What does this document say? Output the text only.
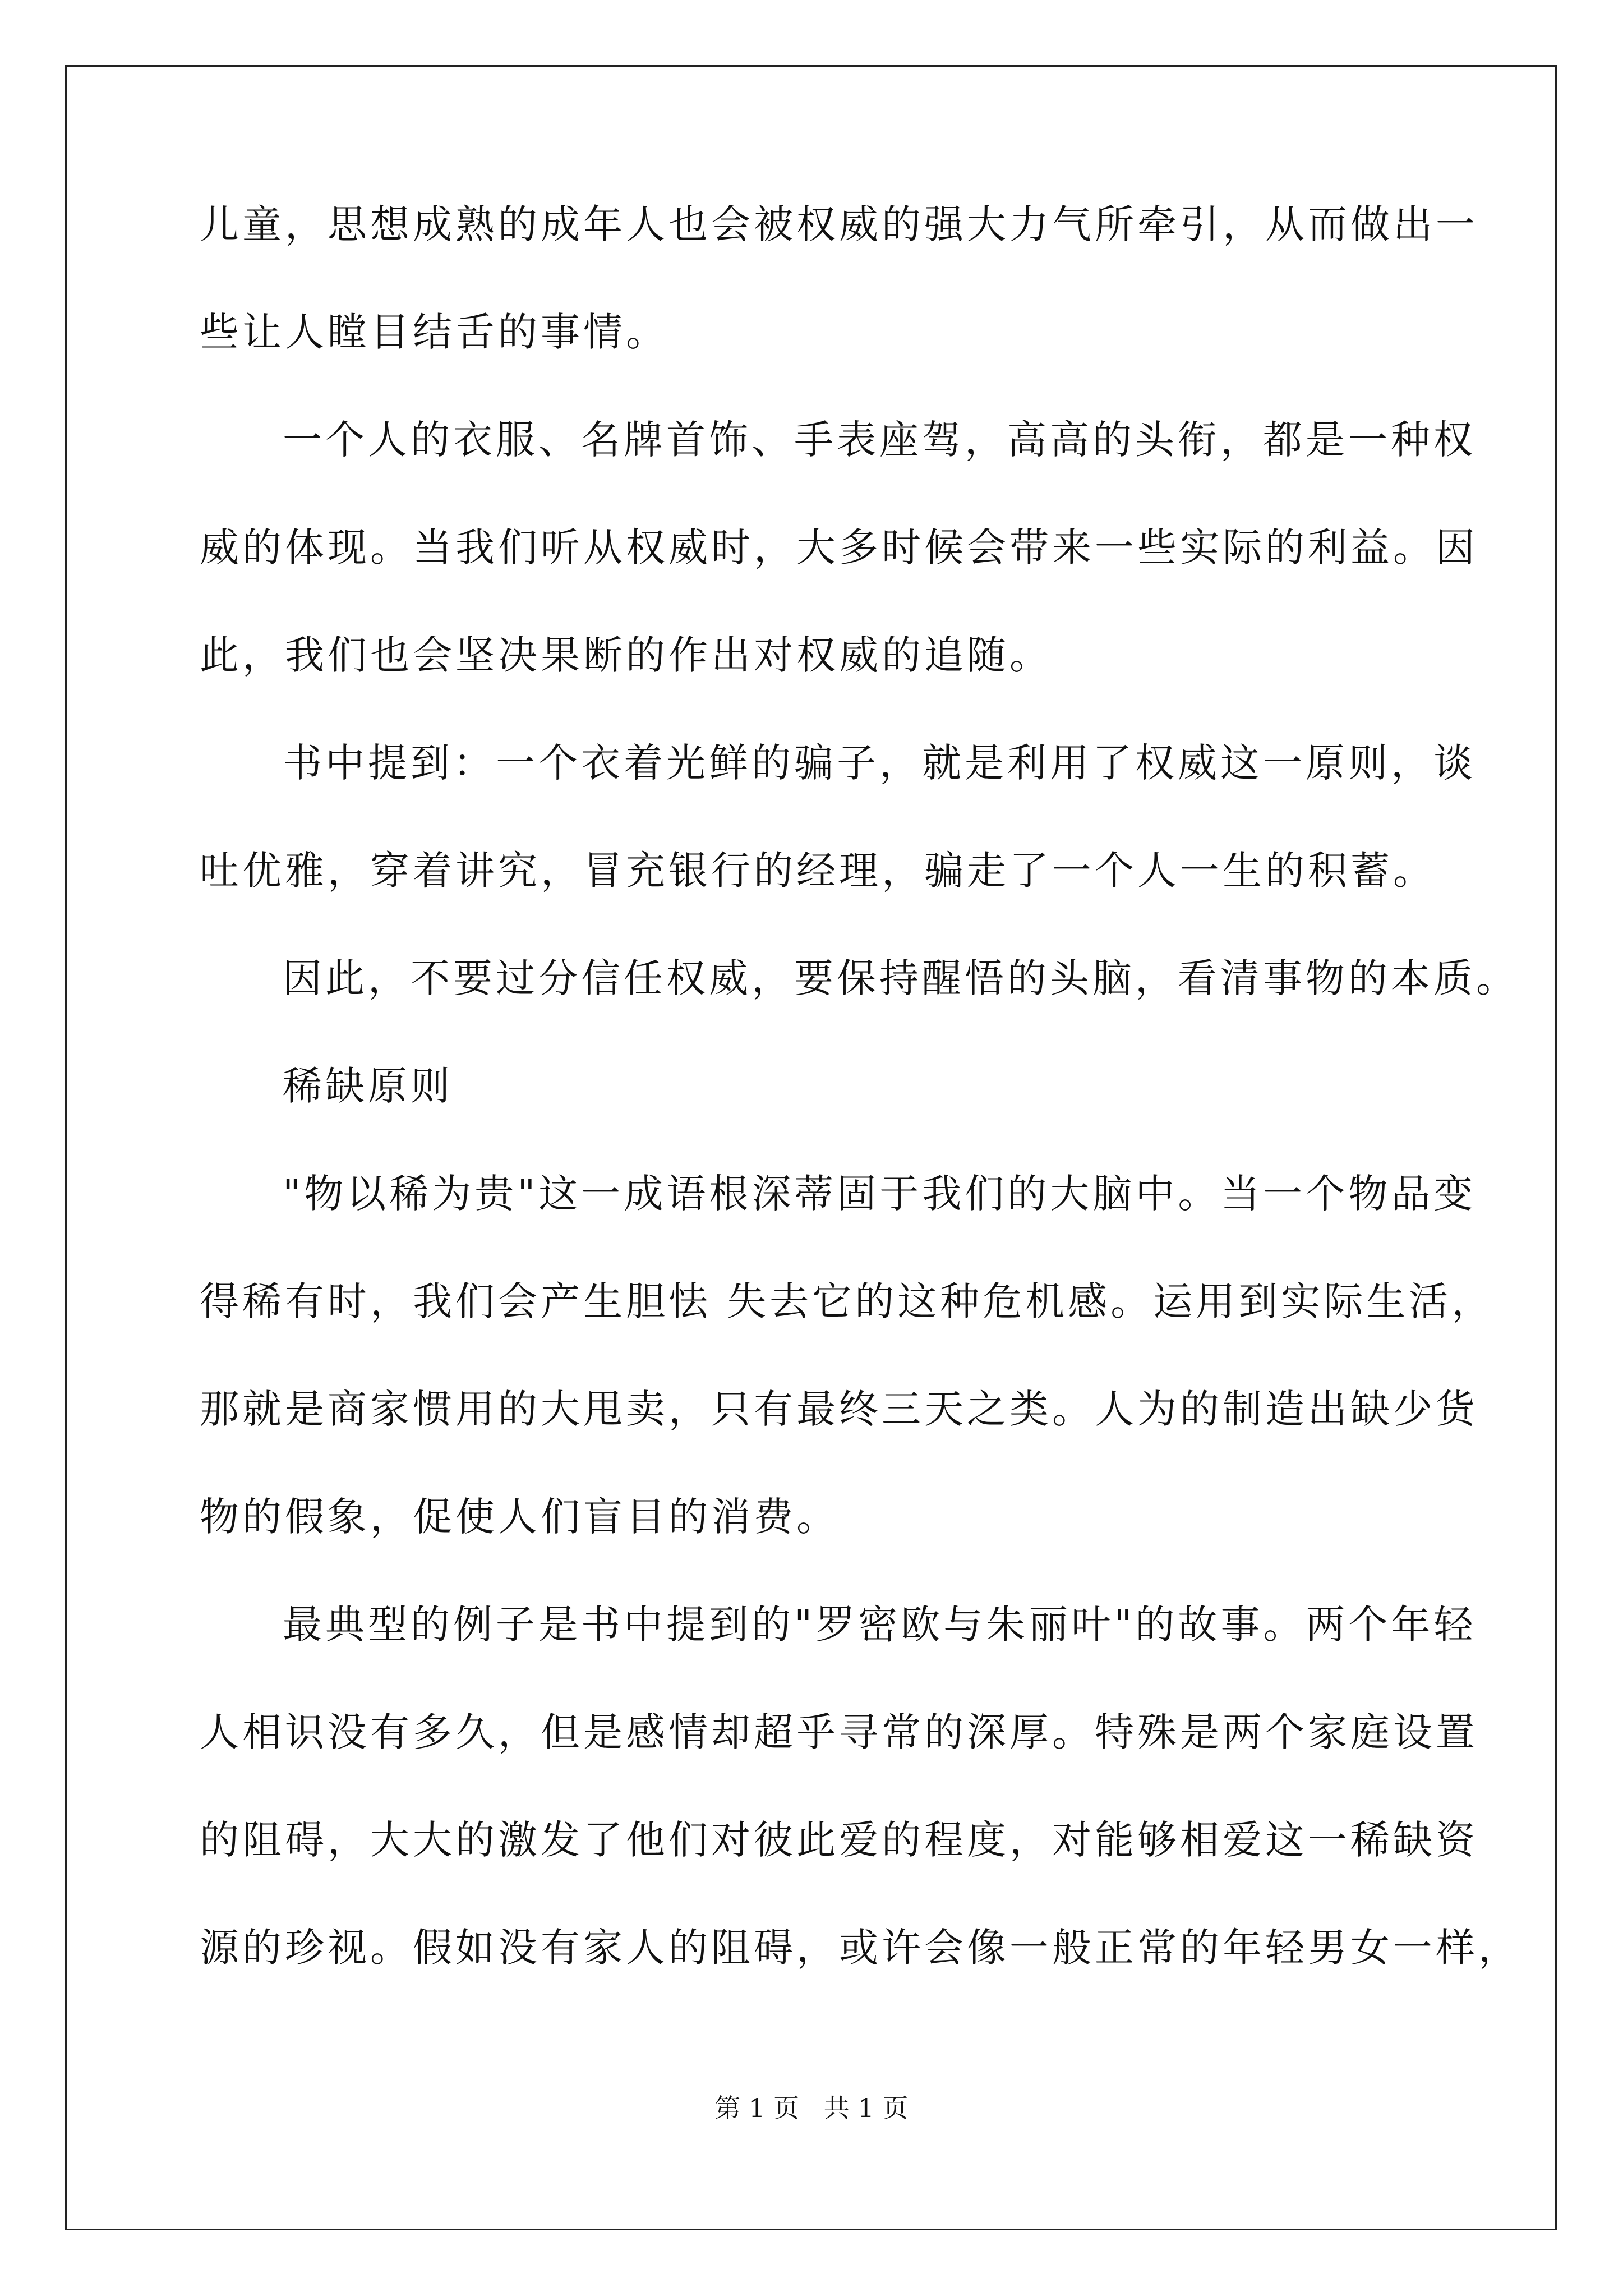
儿童，思想成熟的成年人也会被权威的强大力气所牵引，从而做出一
些让人瞠目结舌的事情。
一个人的衣服、名牌首饰、手表座驾，高高的头衔，都是一种权
威的体现。当我们听从权威时，大多时候会带来一些实际的利益。因
此，我们也会坚决果断的作出对权威的追随。
书中提到：一个衣着光鲜的骗子，就是利用了权威这一原则，谈
吐优雅，穿着讲究，冒充银行的经理，骗走了一个人一生的积蓄。
因此，不要过分信任权威，要保持醒悟的头脑，看清事物的本质。
稀缺原则
"物以稀为贵"这一成语根深蒂固于我们的大脑中。当一个物品变
得稀有时，我们会产生胆怯 失去它的这种危机感。运用到实际生活，
那就是商家惯用的大甩卖，只有最终三天之类。人为的制造出缺少货
物的假象，促使人们盲目的消费。
最典型的例子是书中提到的"罗密欧与朱丽叶"的故事。两个年轻
人相识没有多久，但是感情却超乎寻常的深厚。特殊是两个家庭设置
的阻碍，大大的激发了他们对彼此爱的程度，对能够相爱这一稀缺资
源的珍视。假如没有家人的阻碍，或许会像一般正常的年轻男女一样，
第 1 页   共 1 页
